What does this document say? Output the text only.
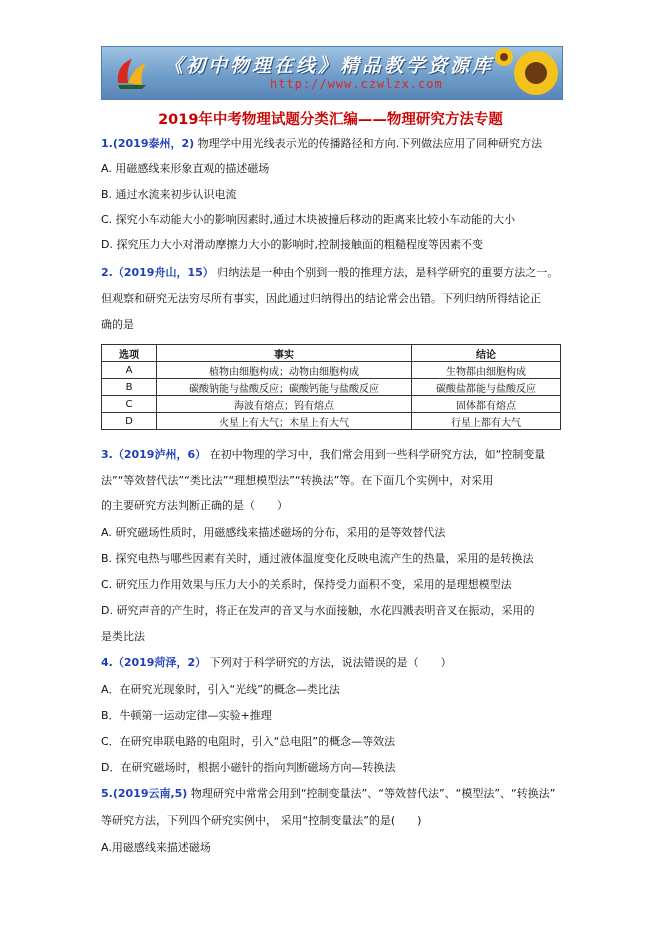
《初中物理在线》精品教学资源库
http://www.czwlzx.com
2019年中考物理试题分类汇编——物理研究方法专题
1.(2019泰州，2) 物理学中用光线表示光的传播路径和方向.下列做法应用了同种研究方法
A. 用磁感线来形象直观的描述磁场
B. 通过水流来初步认识电流
C. 探究小车动能大小的影响因素时,通过木块被撞后移动的距离来比较小车动能的大小
D. 探究压力大小对滑动摩擦力大小的影响时,控制接触面的粗糙程度等因素不变
2.（2019舟山，15） 归纳法是一种由个别到一般的推理方法，是科学研究的重要方法之一。
但观察和研究无法穷尽所有事实，因此通过归纳得出的结论常会出错。下列归纳所得结论正
确的是
选项	事实	结论
A	植物由细胞构成；动物由细胞构成	生物都由细胞构成
B	碳酸钠能与盐酸反应；碳酸钙能与盐酸反应	碳酸盐都能与盐酸反应
C	海波有熔点；钨有熔点	固体都有熔点
D	火星上有大气；木星上有大气	行星上都有大气
3.（2019泸州，6） 在初中物理的学习中，我们常会用到一些科学研究方法，如“控制变量
法”“等效替代法”“类比法”“理想模型法”“转换法”等。在下面几个实例中，对采用
的主要研究方法判断正确的是（　　）
A. 研究磁场性质时，用磁感线来描述磁场的分布，采用的是等效替代法
B. 探究电热与哪些因素有关时，通过液体温度变化反映电流产生的热量，采用的是转换法
C. 研究压力作用效果与压力大小的关系时，保持受力面积不变，采用的是理想模型法
D. 研究声音的产生时，将正在发声的音叉与水面接触，水花四溅表明音叉在振动，采用的
是类比法
4.（2019菏泽，2） 下列对于科学研究的方法，说法错误的是（　　）
A．在研究光现象时，引入“光线”的概念—类比法
B．牛顿第一运动定律—实验+推理
C．在研究串联电路的电阻时，引入“总电阻”的概念—等效法
D．在研究磁场时，根据小磁针的指向判断磁场方向—转换法
5.(2019云南,5) 物理研究中常常会用到“控制变量法”、“等效替代法”、“模型法”、“转换法”
等研究方法，下列四个研究实例中， 采用“控制变量法”的是(　　)
A.用磁感线来描述磁场
